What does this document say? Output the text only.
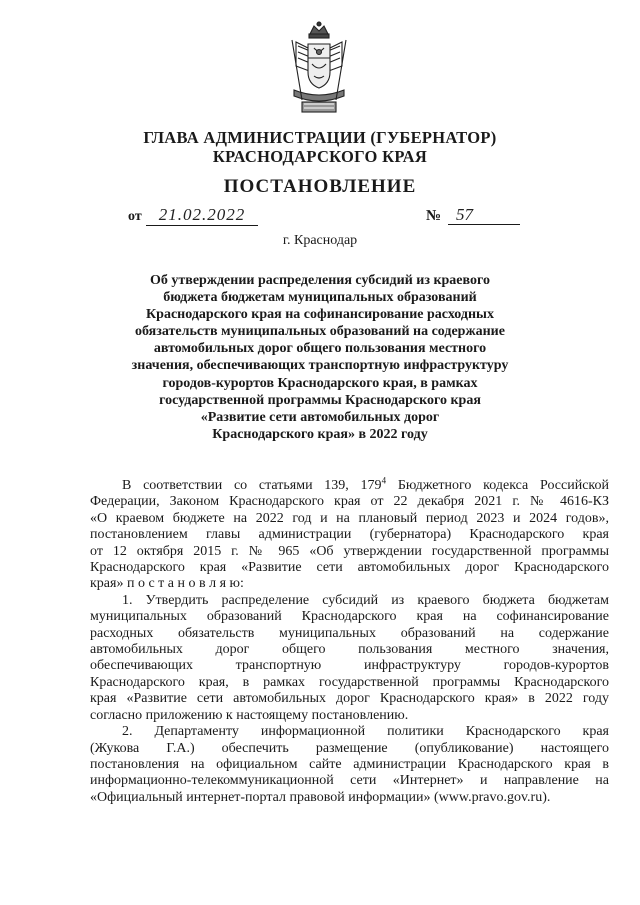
ГЛАВА АДМИНИСТРАЦИИ (ГУБЕРНАТОР)
КРАСНОДАРСКОГО КРАЯ
ПОСТАНОВЛЕНИЕ
от	21.02.2022	№ 57
г. Краснодар
Об утверждении распределения субсидий из краевого
бюджета бюджетам муниципальных образований
Краснодарского края на софинансирование расходных
обязательств муниципальных образований на содержание
автомобильных дорог общего пользования местного
значения, обеспечивающих транспортную инфраструктуру
городов-курортов Краснодарского края, в рамках
государственной программы Краснодарского края
«Развитие сети автомобильных дорог
Краснодарского края» в 2022 году

В соответствии со статьями 139, $179^4$ Бюджетного кодекса Российской

Федерации, Законом Краснодарского края от 22 декабря 2021 г. № 4616-КЗ

«О краевом бюджете на 2022 год и на плановый период 2023 и 2024 годов»,

постановлением главы администрации (губернатора) Краснодарского края

от 12 октября 2015 г. № 965 «Об утверждении государственной программы

Краснодарского края «Развитие сети автомобильных дорог Краснодарского

края» п о с т а н о в л я ю:

1. Утвердить распределение субсидий из краевого бюджета бюджетам

муниципальных образований Краснодарского края на софинансирование

расходных обязательств муниципальных образований на содержание

автомобильных дорог общего пользования местного значения,

обеспечивающих транспортную инфраструктуру городов-курортов

Краснодарского края, в рамках государственной программы Краснодарского

края «Развитие сети автомобильных дорог Краснодарского края» в 2022 году

согласно приложению к настоящему постановлению.

2. Департаменту информационной политики Краснодарского края

(Жукова Г.А.) обеспечить размещение (опубликование) настоящего

постановления на официальном сайте администрации Краснодарского края в

информационно-телекоммуникационной сети «Интернет» и направление на

«Официальный интернет-портал правовой информации» (www.pravo.gov.ru).
